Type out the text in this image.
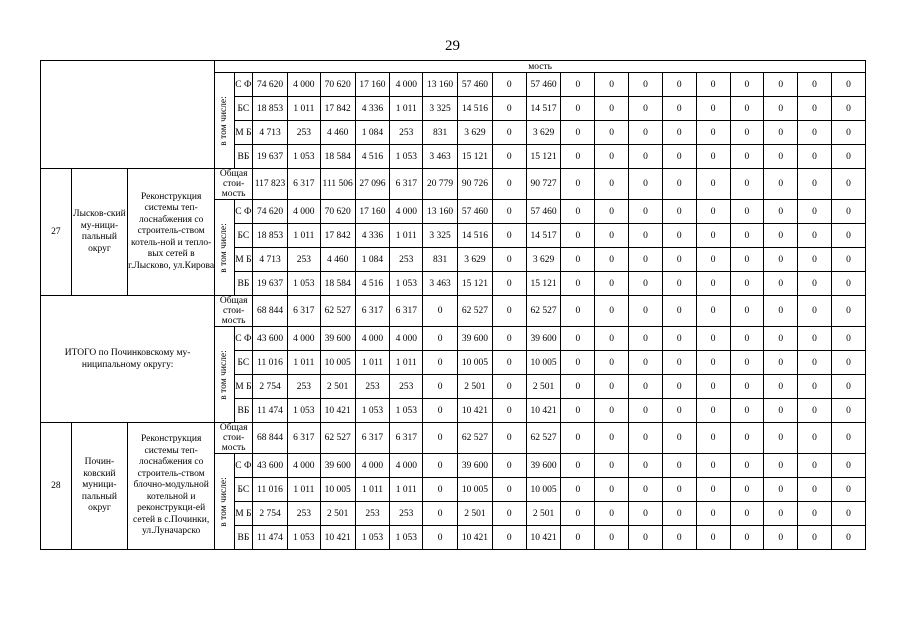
29
			мость																			

			в том числе:	С Ф	74 620	4 000	70 620	17 160	4 000	13 160	57 460	0	57 460	0	0	0	0	0	0	0	0	0
				БС	18 853	1 011	17 842	4 336	1 011	3 325	14 516	0	14 517	0	0	0	0	0	0	0	0	0
				М Б	4 713	253	4 460	1 084	253	831	3 629	0	3 629	0	0	0	0	0	0	0	0	0
				ВБ	19 637	1 053	18 584	4 516	1 053	3 463	15 121	0	15 121	0	0	0	0	0	0	0	0	0
27	Лысков-ский му-ници-пальный округ	Реконструкция системы теп-лоснабжения со строитель-ством котель-ной и тепло-вых сетей в г.Лысково, ул.Кирова	Общая стои-мость		117 823	6 317	111 506	27 096	6 317	20 779	90 726	0	90 727	0	0	0	0	0	0	0	0	0

			в том числе:	С Ф	74 620	4 000	70 620	17 160	4 000	13 160	57 460	0	57 460	0	0	0	0	0	0	0	0	0
				БС	18 853	1 011	17 842	4 336	1 011	3 325	14 516	0	14 517	0	0	0	0	0	0	0	0	0
				М Б	4 713	253	4 460	1 084	253	831	3 629	0	3 629	0	0	0	0	0	0	0	0	0
				ВБ	19 637	1 053	18 584	4 516	1 053	3 463	15 121	0	15 121	0	0	0	0	0	0	0	0	0
ИТОГО по Починковскому му-ниципальному округу:			Общая стои-мость		68 844	6 317	62 527	6 317	6 317	0	62 527	0	62 527	0	0	0	0	0	0	0	0	0

			в том числе:	С Ф	43 600	4 000	39 600	4 000	4 000	0	39 600	0	39 600	0	0	0	0	0	0	0	0	0
				БС	11 016	1 011	10 005	1 011	1 011	0	10 005	0	10 005	0	0	0	0	0	0	0	0	0
				М Б	2 754	253	2 501	253	253	0	2 501	0	2 501	0	0	0	0	0	0	0	0	0
				ВБ	11 474	1 053	10 421	1 053	1 053	0	10 421	0	10 421	0	0	0	0	0	0	0	0	0
28	Почин-ковский муници-пальный округ	Реконструкция системы теп-лоснабжения со строитель-ством блочно-модульной котельной и реконструкци-ей сетей в с.Починки, ул.Луначарско	Общая стои-мость		68 844	6 317	62 527	6 317	6 317	0	62 527	0	62 527	0	0	0	0	0	0	0	0	0

			в том числе:	С Ф	43 600	4 000	39 600	4 000	4 000	0	39 600	0	39 600	0	0	0	0	0	0	0	0	0
				БС	11 016	1 011	10 005	1 011	1 011	0	10 005	0	10 005	0	0	0	0	0	0	0	0	0
				М Б	2 754	253	2 501	253	253	0	2 501	0	2 501	0	0	0	0	0	0	0	0	0
				ВБ	11 474	1 053	10 421	1 053	1 053	0	10 421	0	10 421	0	0	0	0	0	0	0	0	0
